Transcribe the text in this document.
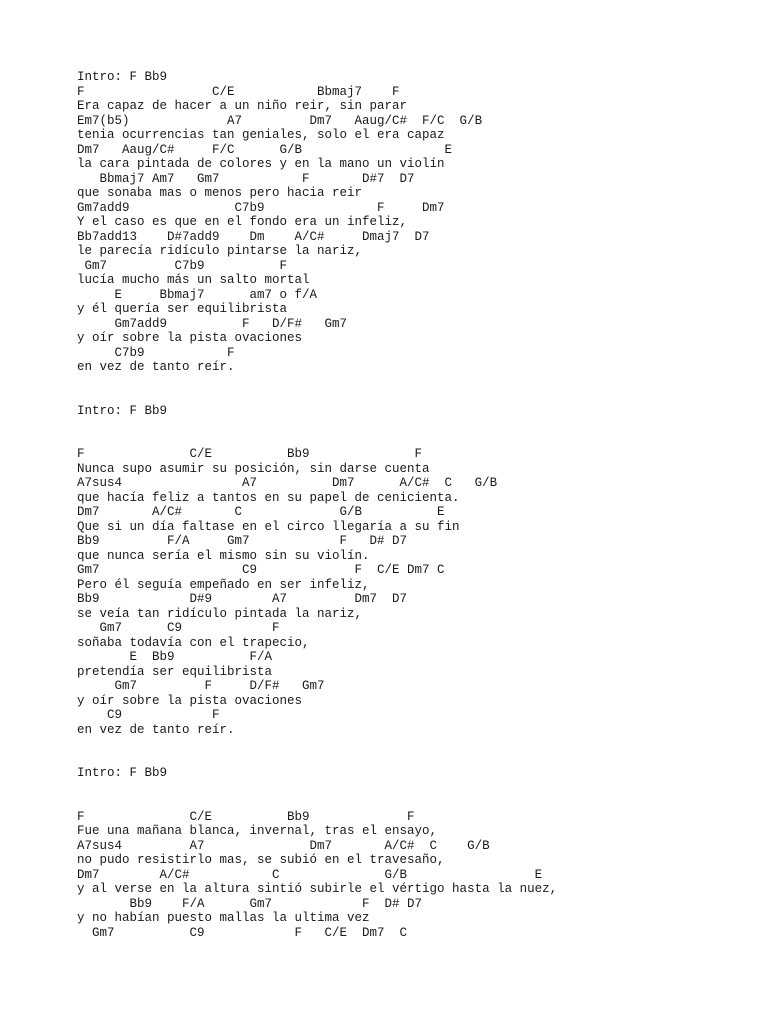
Intro: F Bb9
F                 C/E           Bbmaj7    F
Era capaz de hacer a un niño reir, sin parar
Em7(b5)             A7         Dm7   Aaug/C#  F/C  G/B
tenia ocurrencias tan geniales, solo el era capaz
Dm7   Aaug/C#     F/C      G/B                   E
la cara pintada de colores y en la mano un violín
Bbmaj7 Am7   Gm7           F       D#7  D7
que sonaba mas o menos pero hacia reir
Gm7add9              C7b9               F     Dm7
Y el caso es que en el fondo era un infeliz,
Bb7add13    D#7add9    Dm    A/C#     Dmaj7  D7
le parecía ridículo pintarse la nariz,
Gm7         C7b9          F
lucía mucho más un salto mortal
E     Bbmaj7      am7 o f/A
y él quería ser equilibrista
Gm7add9          F   D/F#   Gm7
y oír sobre la pista ovaciones
C7b9           F
en vez de tanto reír.
Intro: F Bb9
F              C/E          Bb9              F
Nunca supo asumir su posición, sin darse cuenta
A7sus4                A7          Dm7      A/C#  C   G/B
que hacía feliz a tantos en su papel de cenicienta.
Dm7       A/C#       C             G/B          E
Que si un día faltase en el circo llegaría a su fin
Bb9         F/A     Gm7            F   D# D7
que nunca sería el mismo sin su violín.
Gm7                   C9             F  C/E Dm7 C
Pero él seguía empeñado en ser infeliz,
Bb9            D#9        A7         Dm7  D7
se veía tan ridículo pintada la nariz,
Gm7      C9            F
soñaba todavía con el trapecio,
E  Bb9          F/A
pretendía ser equilibrista
Gm7         F     D/F#   Gm7
y oír sobre la pista ovaciones
C9            F
en vez de tanto reír.
Intro: F Bb9
F              C/E          Bb9             F
Fue una mañana blanca, invernal, tras el ensayo,
A7sus4         A7              Dm7       A/C#  C    G/B
no pudo resistirlo mas, se subió en el travesaño,
Dm7        A/C#           C              G/B                 E
y al verse en la altura sintió subirle el vértigo hasta la nuez,
Bb9    F/A      Gm7            F  D# D7
y no habían puesto mallas la ultima vez
Gm7          C9            F   C/E  Dm7  C
